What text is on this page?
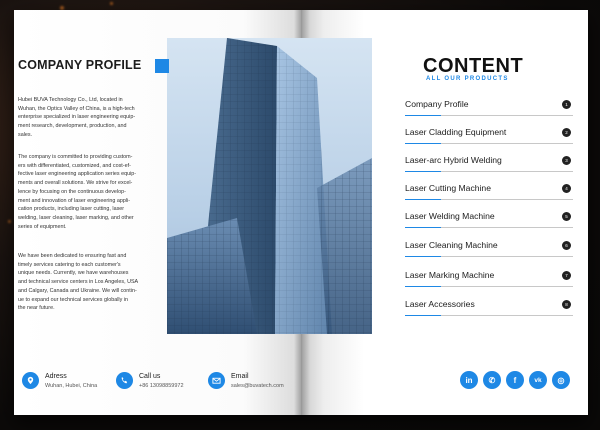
COMPANY PROFILE
Hubei BUVA Technology Co., Ltd, located in
Wuhan, the Optics Valley of China, is a high-tech
enterprise specialized in laser engineering equip-
ment research, development, production, and
sales.
The company is committed to providing custom-
ers with differentiated, customized, and cost-ef-
fective laser engineering application series equip-
ments and overall solutions. We strive for excel-
lence by focusing on the continuous develop-
ment and innovation of laser engineering appli-
cation products, including laser cutting, laser
welding, laser cleaning, laser marking, and other
series of equipment.
We have been dedicated to ensuring fast and
timely services catering to each customer's
unique needs. Currently, we have warehouses
and technical service centers in Los Angeles, USA
and Calgary, Canada and Ukraine. We will contin-
ue to expand our technical services globally in
the near future.
Adress
Wuhan, Hubei, China
Call us
+86 13098859972
Email
sales@buvatech.com
CONTENT
ALL OUR PRODUCTS
Company Profile	1
Laser Cladding Equipment	2
Laser-arc Hybrid Welding	3
Laser Cutting Machine	4
Laser Welding Machine	5
Laser Cleaning Machine	6
Laser Marking Machine	7
Laser Accessories	8
in	✆	f	vk	◎
